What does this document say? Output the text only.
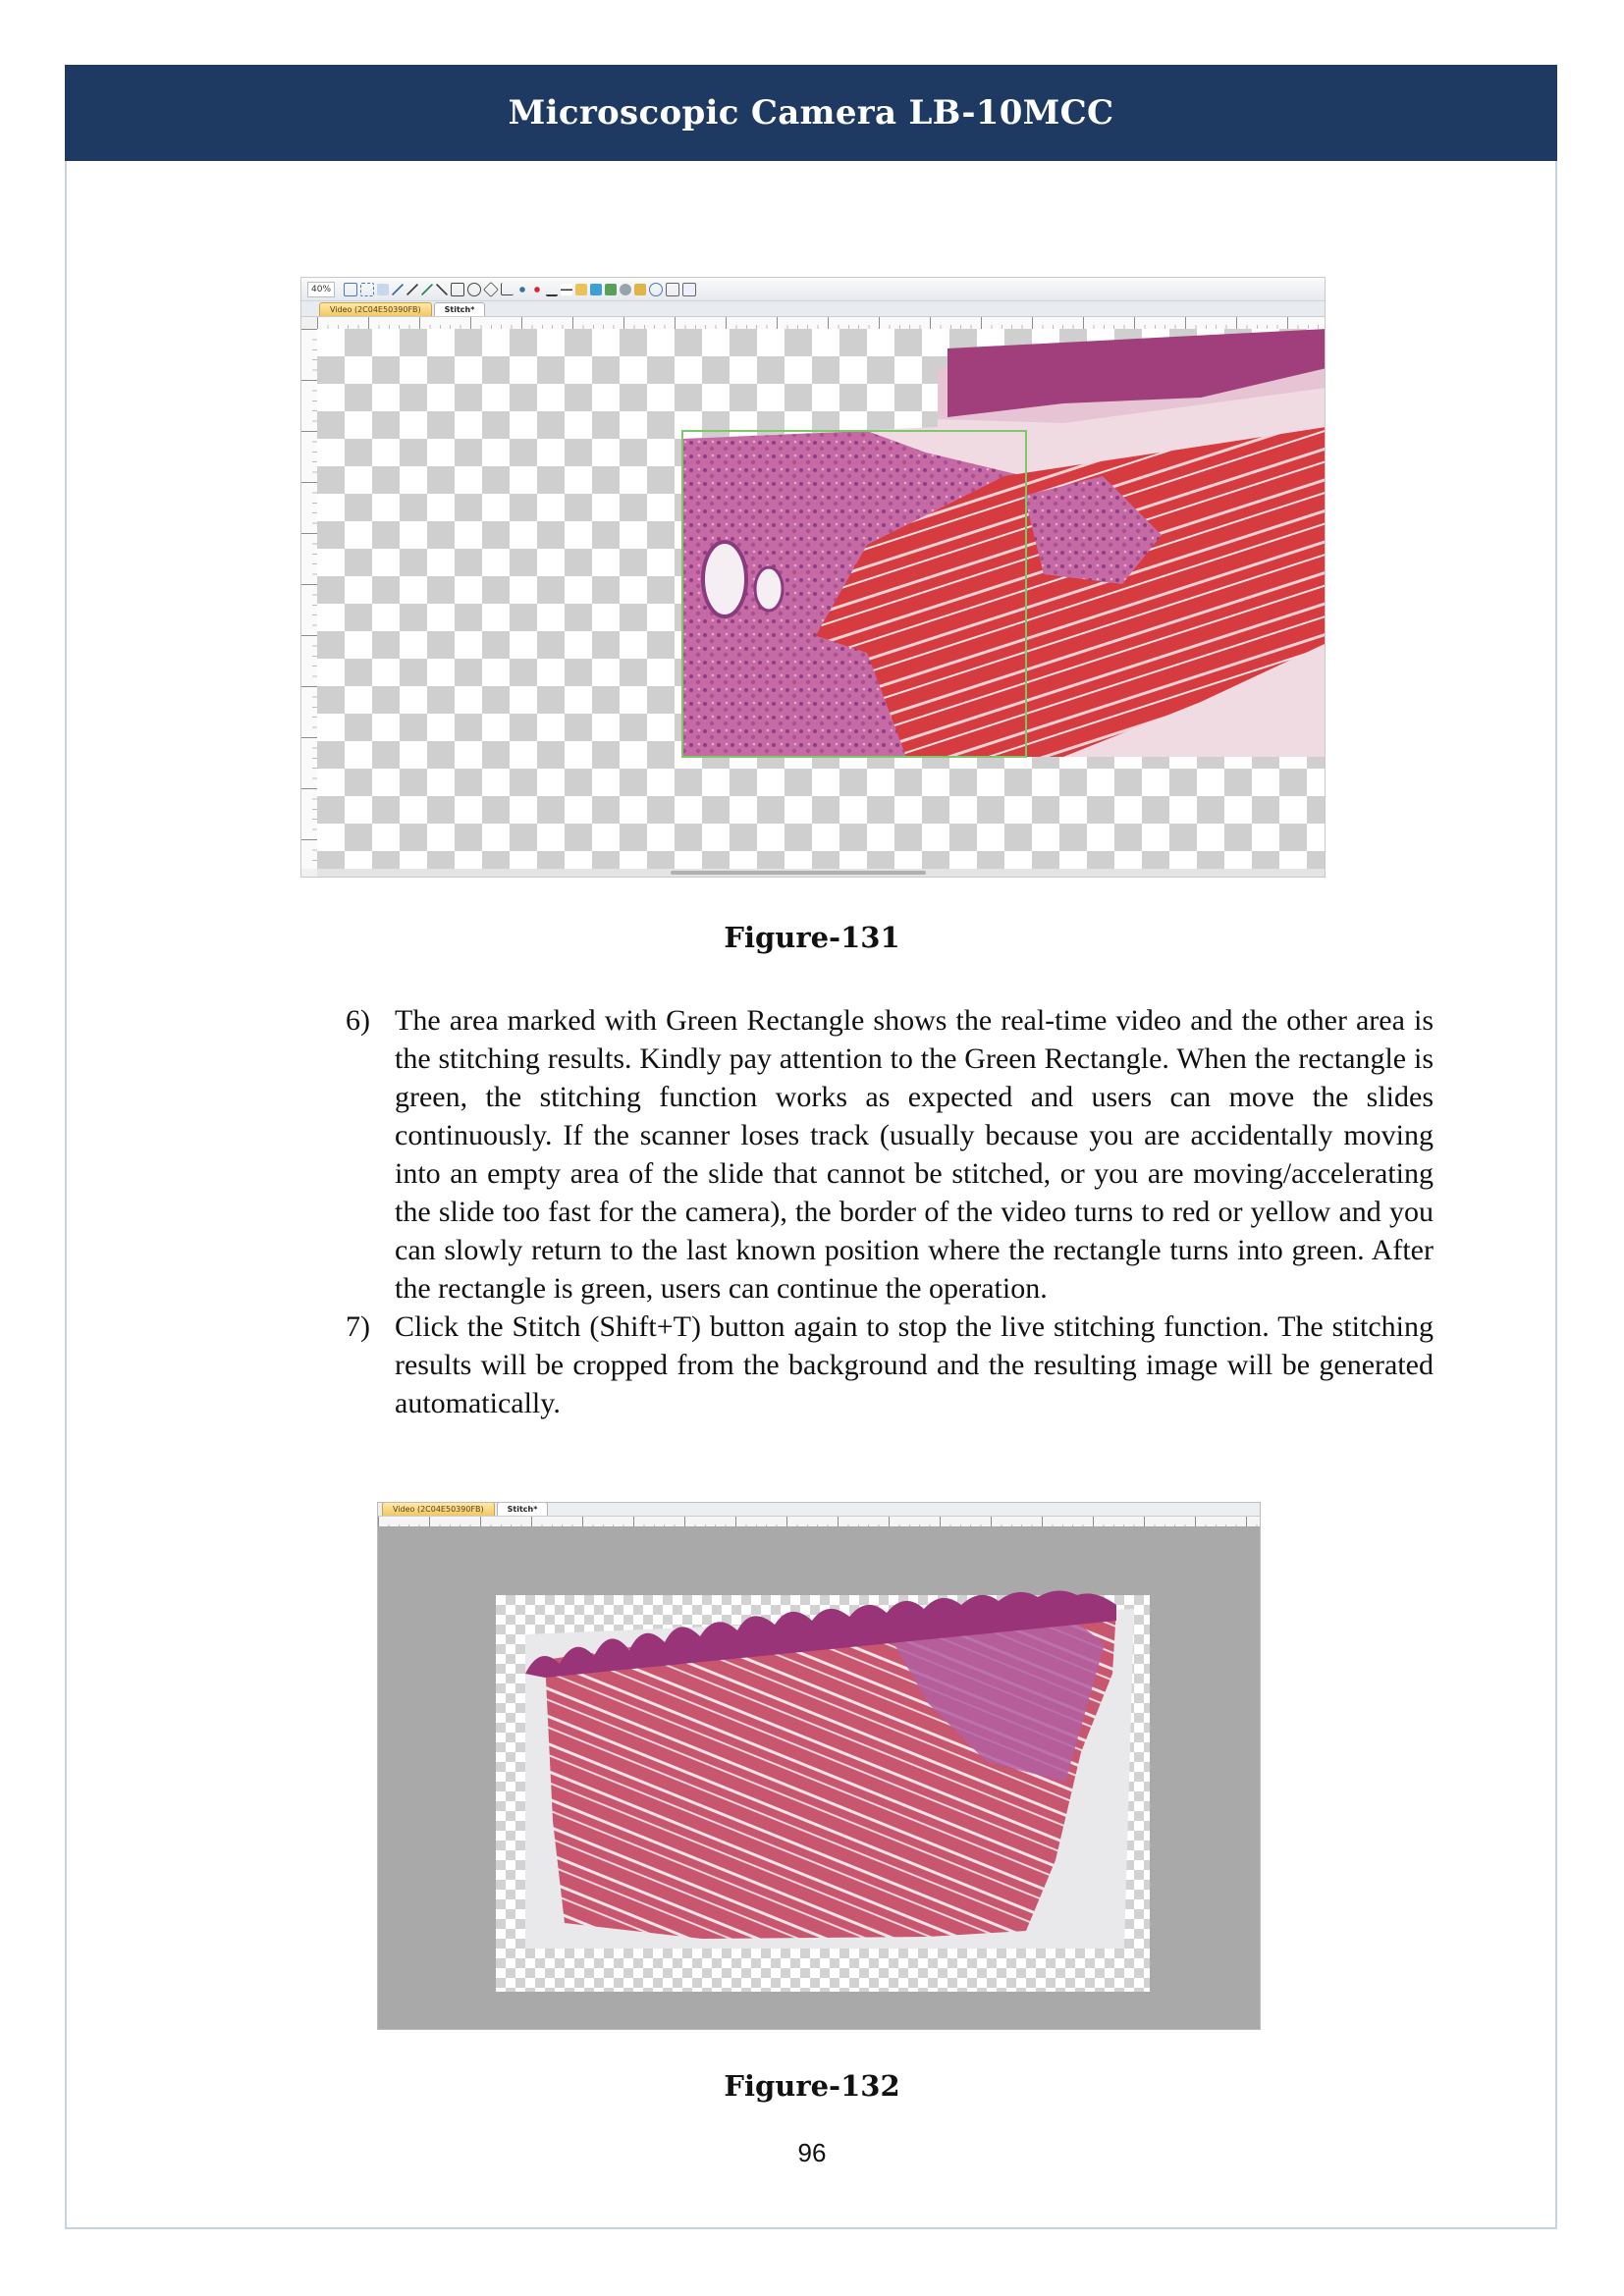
Microscopic Camera LB-10MCC
40%
Video (2C04E50390FB)	Stitch*
Figure-131
6) The area marked with Green Rectangle shows the real-time video and the other area is the stitching results. Kindly pay attention to the Green Rectangle. When the rectangle is green, the stitching function works as expected and users can move the slides continuously. If the scanner loses track (usually because you are accidentally moving into an empty area of the slide that cannot be stitched, or you are moving/accelerating the slide too fast for the camera), the border of the video turns to red or yellow and you can slowly return to the last known position where the rectangle turns into green. After the rectangle is green, users can continue the operation.
7) Click the Stitch (Shift+T) button again to stop the live stitching function. The stitching results will be cropped from the background and the resulting image will be generated automatically.
Video (2C04E50390FB)	Stitch*
Figure-132
96
